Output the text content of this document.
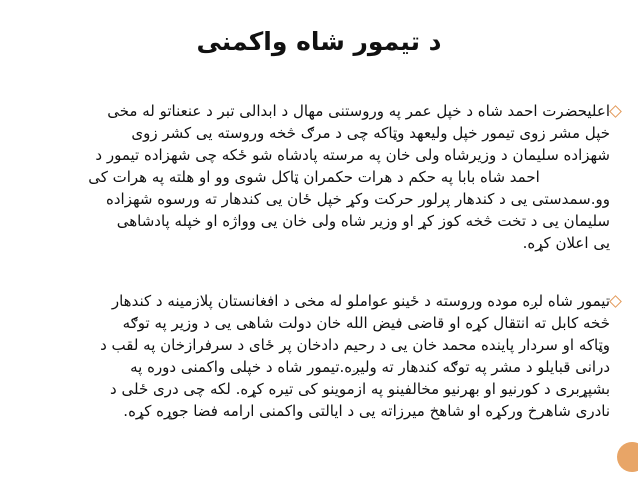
د تیمور شاه واکمنی
اعلیحضرت احمد شاه د خپل عمر په وروستنی مهال د ابدالی تبر د عنعناتو له مخی
خپل مشر زوی تیمور خپل ولیعهد وټاکه چی د مرګ څخه وروسته یی کشر زوی
شهزاده سلیمان د وزیرشاه ولی خان په مرسته پادشاه شو ځکه چی شهزاده تیمور د
احمد شاه بابا په حکم د هرات حکمران ټاکل شوی وو او هلته په هرات کی
وو.سمدستی یی د کندهار پرلور حرکت وکړ خپل ځان یی کندهار ته ورسوه شهزاده
سلیمان یی د تخت څخه کوز کړ او وزیر شاه ولی خان یی وواژه او خپله پادشاهی
یی اعلان کړه.
تیمور شاه لږه موده وروسته د ځینو عواملو له مخی د افغانستان پلازمینه د کندهار
څخه کابل ته انتقال کړه او قاضی فیض الله خان دولت شاهی یی د وزیر په توګه
وټاکه او سردار پاینده محمد خان یی د رحیم دادخان پر ځای د سرفرازخان په لقب د
درانی قبایلو د مشر په توګه کندهار ته ولیږه.تیمور شاه د خپلی واکمنی دوره په
بشپړبری د کورنیو او بهرنیو مخالفینو په ازموینو کی تیره کړه. لکه چی دری ځلی د
نادری شاهرخ ورکړه او شاهخ میرزاته یی د ایالتی واکمنی ارامه فضا جوړه کړه.
